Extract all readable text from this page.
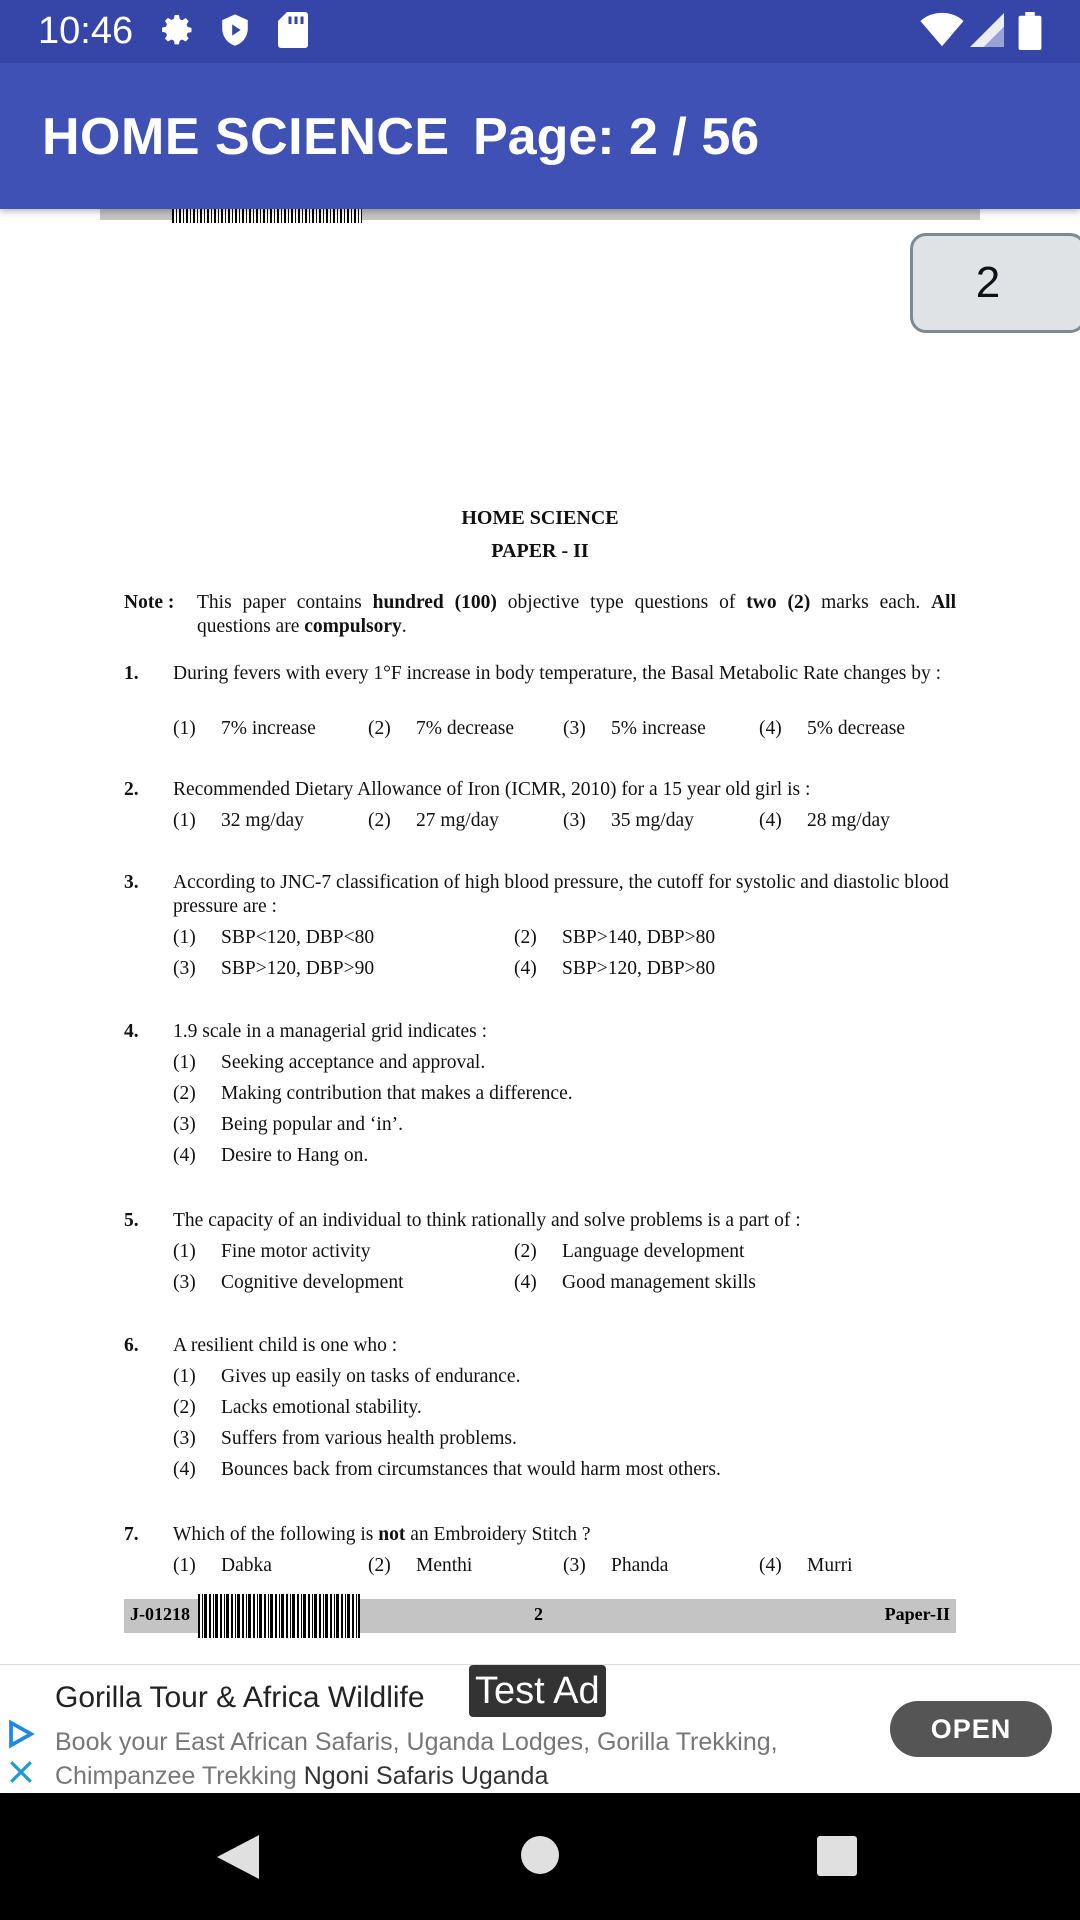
10:46
HOME SCIENCE Page: 2 / 56
2
HOME SCIENCE
PAPER - II
Note : This paper contains hundred (100) objective type questions of two (2) marks each. All questions are compulsory.
1. During fevers with every 1°F increase in body temperature, the Basal Metabolic Rate changes by :
(1) 7% increase	(2) 7% decrease	(3) 5% increase	(4) 5% decrease
2. Recommended Dietary Allowance of Iron (ICMR, 2010) for a 15 year old girl is :
(1) 32 mg/day	(2) 27 mg/day	(3) 35 mg/day	(4) 28 mg/day
3. According to JNC-7 classification of high blood pressure, the cutoff for systolic and diastolic blood pressure are :
(1) SBP<120, DBP<80	(2) SBP>140, DBP>80
(3) SBP>120, DBP>90	(4) SBP>120, DBP>80
4. 1.9 scale in a managerial grid indicates :
(1) Seeking acceptance and approval.
(2) Making contribution that makes a difference.
(3) Being popular and ‘in’.
(4) Desire to Hang on.
5. The capacity of an individual to think rationally and solve problems is a part of :
(1) Fine motor activity	(2) Language development
(3) Cognitive development	(4) Good management skills
6. A resilient child is one who :
(1) Gives up easily on tasks of endurance.
(2) Lacks emotional stability.
(3) Suffers from various health problems.
(4) Bounces back from circumstances that would harm most others.
7. Which of the following is not an Embroidery Stitch ?
(1) Dabka	(2) Menthi	(3) Phanda	(4) Murri
J-01218	2	Paper-II
Gorilla Tour & Africa Wildlife Test Ad
Book your East African Safaris, Uganda Lodges, Gorilla Trekking, Chimpanzee Trekking Ngoni Safaris Uganda
OPEN
